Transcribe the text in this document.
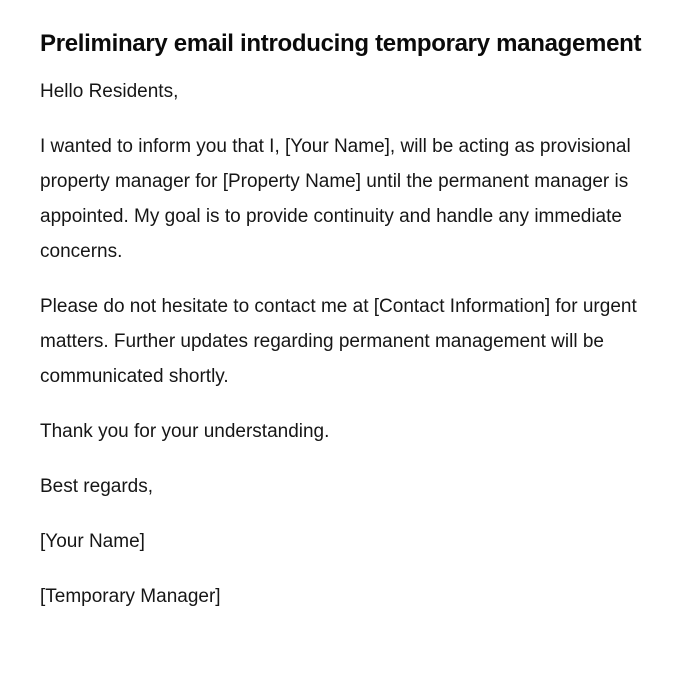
Preliminary email introducing temporary management

Hello Residents,

I wanted to inform you that I, [Your Name], will be acting as provisional property manager for [Property Name] until the permanent manager is appointed. My goal is to provide continuity and handle any immediate concerns.

Please do not hesitate to contact me at [Contact Information] for urgent matters. Further updates regarding permanent management will be communicated shortly.

Thank you for your understanding.

Best regards,

[Your Name]

[Temporary Manager]
